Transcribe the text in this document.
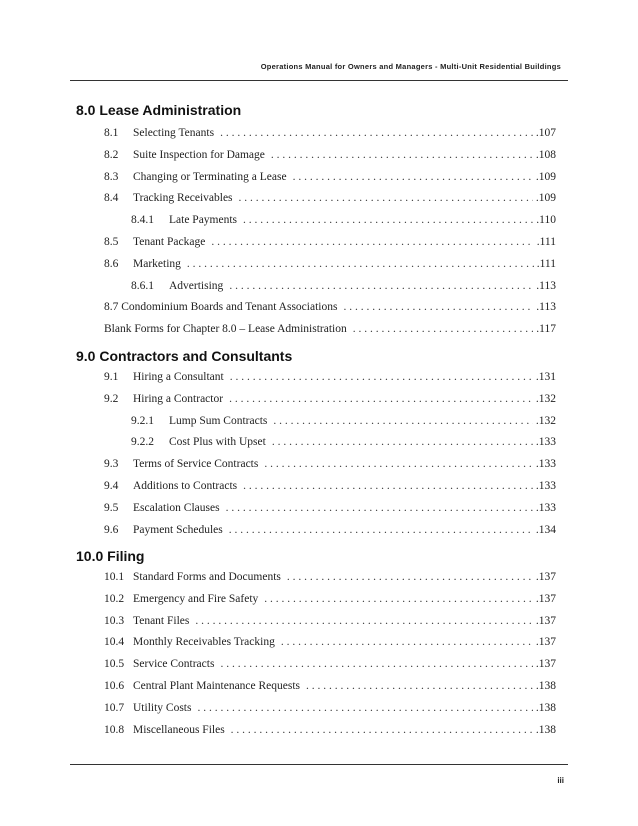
Operations Manual for Owners and Managers - Multi-Unit Residential Buildings
8.0 Lease Administration
8.1	Selecting Tenants . . .	.107
8.2	Suite Inspection for Damage . . .	.108
8.3	Changing or Terminating a Lease . . .	.109
8.4	Tracking Receivables . . .	.109
8.4.1	Late Payments . . .	.110
8.5	Tenant Package . . .	.111
8.6	Marketing . . .	.111
8.6.1	Advertising . . .	.113
8.7 Condominium Boards and Tenant Associations . . .	.113
Blank Forms for Chapter 8.0 – Lease Administration . . .	.117
9.0 Contractors and Consultants
9.1	Hiring a Consultant . . .	.131
9.2	Hiring a Contractor . . .	.132
9.2.1	Lump Sum Contracts . . .	.132
9.2.2	Cost Plus with Upset . . .	.133
9.3	Terms of Service Contracts . . .	.133
9.4	Additions to Contracts . . .	.133
9.5	Escalation Clauses . . .	.133
9.6	Payment Schedules . . .	.134
10.0 Filing
10.1 Standard Forms and Documents . . .	.137
10.2 Emergency and Fire Safety . . .	.137
10.3 Tenant Files . . .	.137
10.4 Monthly Receivables Tracking . . .	.137
10.5 Service Contracts . . .	.137
10.6 Central Plant Maintenance Requests . . .	.138
10.7 Utility Costs . . .	.138
10.8 Miscellaneous Files . . .	.138
iii
